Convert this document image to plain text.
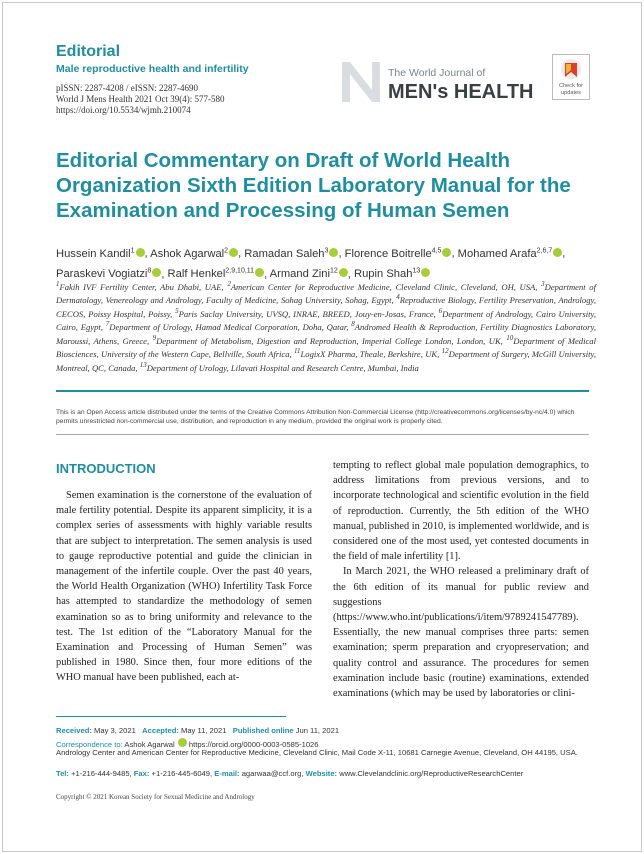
Editorial
Male reproductive health and infertility
pISSN: 2287-4208 / eISSN: 2287-4690
World J Mens Health 2021 Oct 39(4): 577-580
https://doi.org/10.5534/wjmh.210074
The World Journal of
MEN's HEALTH	Check for updates
Editorial Commentary on Draft of World Health Organization Sixth Edition Laboratory Manual for the Examination and Processing of Human Semen
Hussein Kandil$^1$ , Ashok Agarwal$^2$ , Ramadan Saleh$^3$ , Florence Boitrelle$^{4,5}$ , Mohamed Arafa$^{2,6,7}$ , Paraskevi Vogiatzi$^8$ , Ralf Henkel$^{2,9,10,11}$ , Armand Zini$^{12}$ , Rupin Shah$^{13}$
$^1$Fakih IVF Fertility Center, Abu Dhabi, UAE, $^2$American Center for Reproductive Medicine, Cleveland Clinic, Cleveland, OH, USA, $^3$Department of Dermatology, Venereology and Andrology, Faculty of Medicine, Sohag University, Sohag, Egypt, $^4$Reproductive Biology, Fertility Preservation, Andrology, CECOS, Poissy Hospital, Poissy, $^5$Paris Saclay University, UVSQ, INRAE, BREED, Jouy-en-Josas, France, $^6$Department of Andrology, Cairo University, Cairo, Egypt, $^7$Department of Urology, Hamad Medical Corporation, Doha, Qatar, $^8$Andromed Health & Reproduction, Fertility Diagnostics Laboratory, Maroussi, Athens, Greece, $^9$Department of Metabolism, Digestion and Reproduction, Imperial College London, London, UK, $^{10}$Department of Medical Biosciences, University of the Western Cape, Bellville, South Africa, $^{11}$LogixX Pharma, Theale, Berkshire, UK, $^{12}$Department of Surgery, McGill University, Montreal, QC, Canada, $^{13}$Department of Urology, Lilavati Hospital and Research Centre, Mumbai, India
This is an Open Access article distributed under the terms of the Creative Commons Attribution Non-Commercial License (http://creativecommons.org/licenses/by-nc/4.0) which permits unrestricted non-commercial use, distribution, and reproduction in any medium, provided the original work is properly cited.
INTRODUCTION
Semen examination is the cornerstone of the evaluation of male fertility potential. Despite its apparent simplicity, it is a complex series of assessments with highly variable results that are subject to interpretation. The semen analysis is used to gauge reproductive potential and guide the clinician in management of the infertile couple. Over the past 40 years, the World Health Organization (WHO) Infertility Task Force has attempted to standardize the methodology of semen examination so as to bring uniformity and relevance to the test. The 1st edition of the “Laboratory Manual for the Examination and Processing of Human Semen” was published in 1980. Since then, four more editions of the WHO manual have been published, each at-

tempting to reflect global male population demographics, to address limitations from previous versions, and to incorporate technological and scientific evolution in the field of reproduction. Currently, the 5th edition of the WHO manual, published in 2010, is implemented worldwide, and is considered one of the most used, yet contested documents in the field of male infertility [1].

In March 2021, the WHO released a preliminary draft of the 6th edition of its manual for public review and suggestions (https://www.who.int/publications/i/item/9789241547789). Essentially, the new manual comprises three parts: semen examination; sperm preparation and cryopreservation; and quality control and assurance. The procedures for semen examination include basic (routine) examinations, extended examinations (which may be used by laboratories or clini-

Received: May 3, 2021 Accepted: May 11, 2021 Published online Jun 11, 2021
Correspondence to: Ashok Agarwal https://orcid.org/0000-0003-0585-1026
Andrology Center and American Center for Reproductive Medicine, Cleveland Clinic, Mail Code X-11, 10681 Carnegie Avenue, Cleveland, OH 44195, USA.
Tel: +1-216-444-9485, Fax: +1-216-445-6049, E-mail: agarwaa@ccf.org, Website: www.Clevelandclinic.org/ReproductiveResearchCenter
Copyright © 2021 Korean Society for Sexual Medicine and Andrology
